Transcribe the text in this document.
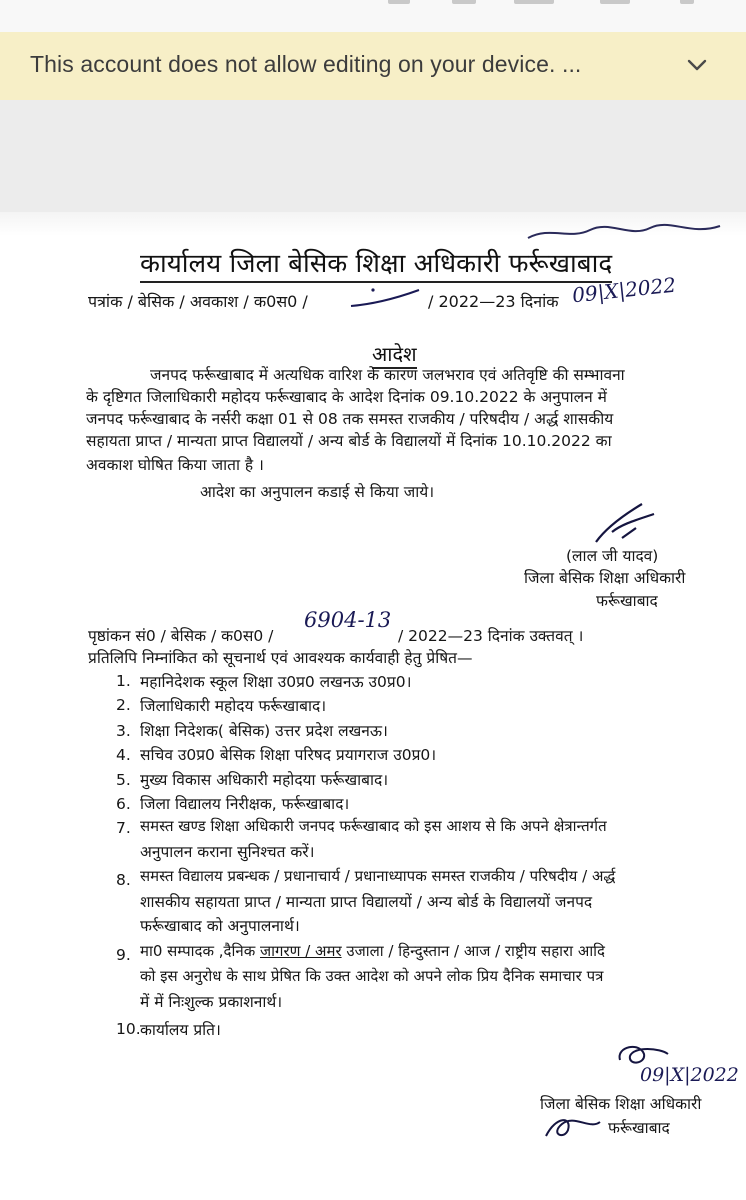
This account does not allow editing on your device. ...
कार्यालय जिला बेसिक शिक्षा अधिकारी फर्रूखाबाद
पत्रांक / बेसिक / अवकाश / क0स0 /	/ 2022—23 दिनांक 09|X|2022
आदेश
जनपद फर्रूखाबाद में अत्यधिक वारिश के कारण जलभराव एवं अतिवृष्टि की सम्भावना
के दृष्टिगत जिलाधिकारी महोदय फर्रूखाबाद के आदेश दिनांक 09.10.2022 के अनुपालन में
जनपद फर्रूखाबाद के नर्सरी कक्षा 01 से 08 तक समस्त राजकीय / परिषदीय / अर्द्ध शासकीय
सहायता प्राप्त / मान्यता प्राप्त विद्यालयों / अन्य बोर्ड के विद्यालयों में दिनांक 10.10.2022 का
अवकाश घोषित किया जाता है ।
आदेश का अनुपालन कडाई से किया जाये।
(लाल जी यादव)
जिला बेसिक शिक्षा अधिकारी
फर्रूखाबाद
पृष्ठांकन सं0 / बेसिक / क0स0 /
6904-13
/ 2022—23 दिनांक उक्तवत् ।
प्रतिलिपि निम्नांकित को सूचनार्थ एवं आवश्यक कार्यवाही हेतु प्रेषित—
1. महानिदेशक स्कूल शिक्षा उ0प्र0 लखनऊ उ0प्र0।
2. जिलाधिकारी महोदय फर्रूखाबाद।
3. शिक्षा निदेशक( बेसिक) उत्तर प्रदेश लखनऊ।
4. सचिव उ0प्र0 बेसिक शिक्षा परिषद प्रयागराज उ0प्र0।
5. मुख्य विकास अधिकारी महोदया फर्रूखाबाद।
6. जिला विद्यालय निरीक्षक, फर्रूखाबाद।
7. समस्त खण्ड शिक्षा अधिकारी जनपद फर्रूखाबाद को इस आशय से कि अपने क्षेत्रान्तर्गत
अनुपालन कराना सुनिश्चत करें।
8. समस्त विद्यालय प्रबन्धक / प्रधानाचार्य / प्रधानाध्यापक समस्त राजकीय / परिषदीय / अर्द्ध
शासकीय सहायता प्राप्त / मान्यता प्राप्त विद्यालयों / अन्य बोर्ड के विद्यालयों जनपद
फर्रूखाबाद को अनुपालनार्थ।
9. मा0 सम्पादक ,दैनिक जागरण / अमर उजाला / हिन्दुस्तान / आज / राष्ट्रीय सहारा आदि
को इस अनुरोध के साथ प्रेषित कि उक्त आदेश को अपने लोक प्रिय दैनिक समाचार पत्र
में में निःशुल्क प्रकाशनार्थ।
10. कार्यालय प्रति।
09|X|2022
जिला बेसिक शिक्षा अधिकारी
फर्रूखाबाद
